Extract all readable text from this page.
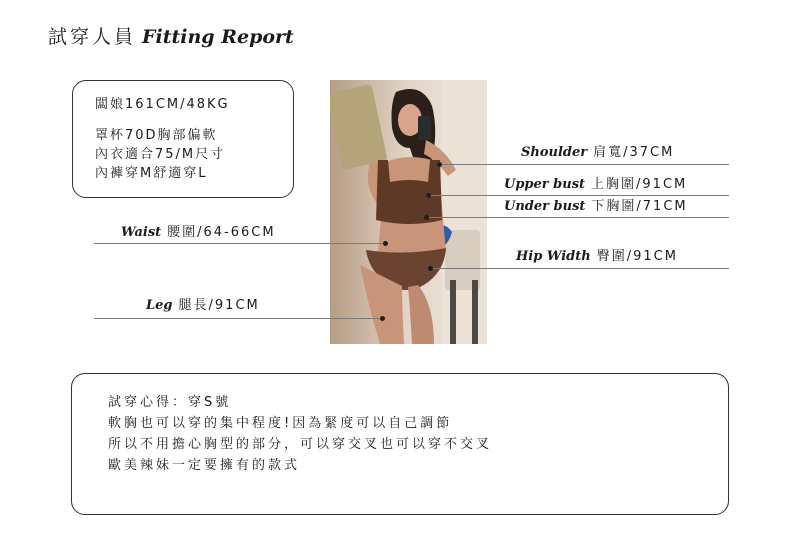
試穿人員 Fitting Report
闆娘161CM/48KG
罩杯70D胸部偏軟
內衣適合75/M尺寸
內褲穿M舒適穿L
Shoulder 肩寬/37CM
Upper bust 上胸圍/91CM
Under bust 下胸圍/71CM
Hip Width 臀圍/91CM
Waist 腰圍/64-66CM
Leg 腿長/91CM
試穿心得：穿S號
軟胸也可以穿的集中程度!因為緊度可以自己調節
所以不用擔心胸型的部分，可以穿交叉也可以穿不交叉
歐美辣妹一定要擁有的款式
